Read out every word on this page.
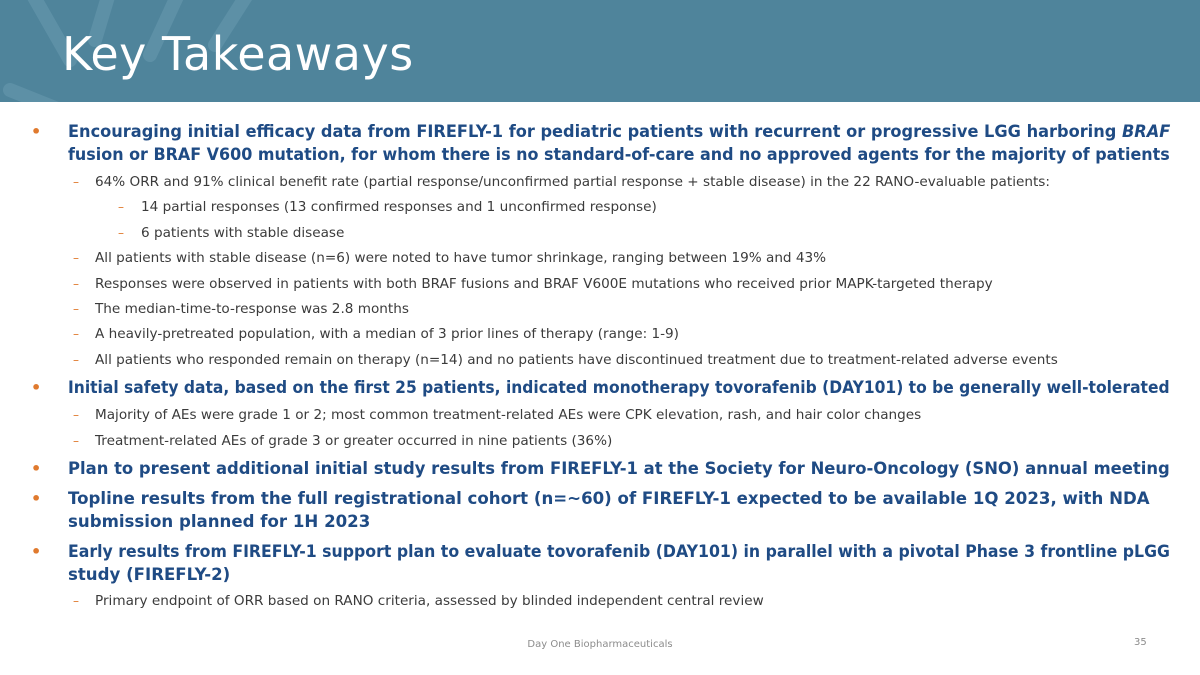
Key Takeaways
• Encouraging initial efficacy data from FIREFLY-1 for pediatric patients with recurrent or progressive LGG harboring BRAF
fusion or BRAF V600 mutation, for whom there is no standard-of-care and no approved agents for the majority of patients
– 64% ORR and 91% clinical benefit rate (partial response/unconfirmed partial response + stable disease) in the 22 RANO-evaluable patients:
– 14 partial responses (13 confirmed responses and 1 unconfirmed response)
– 6 patients with stable disease
– All patients with stable disease (n=6) were noted to have tumor shrinkage, ranging between 19% and 43%
– Responses were observed in patients with both BRAF fusions and BRAF V600E mutations who received prior MAPK-targeted therapy
– The median-time-to-response was 2.8 months
– A heavily-pretreated population, with a median of 3 prior lines of therapy (range: 1-9)
– All patients who responded remain on therapy (n=14) and no patients have discontinued treatment due to treatment-related adverse events
• Initial safety data, based on the first 25 patients, indicated monotherapy tovorafenib (DAY101) to be generally well-tolerated
– Majority of AEs were grade 1 or 2; most common treatment-related AEs were CPK elevation, rash, and hair color changes
– Treatment-related AEs of grade 3 or greater occurred in nine patients (36%)
• Plan to present additional initial study results from FIREFLY-1 at the Society for Neuro-Oncology (SNO) annual meeting
• Topline results from the full registrational cohort (n=~60) of FIREFLY-1 expected to be available 1Q 2023, with NDA
submission planned for 1H 2023
• Early results from FIREFLY-1 support plan to evaluate tovorafenib (DAY101) in parallel with a pivotal Phase 3 frontline pLGG
study (FIREFLY-2)
– Primary endpoint of ORR based on RANO criteria, assessed by blinded independent central review
Day One Biopharmaceuticals	35
